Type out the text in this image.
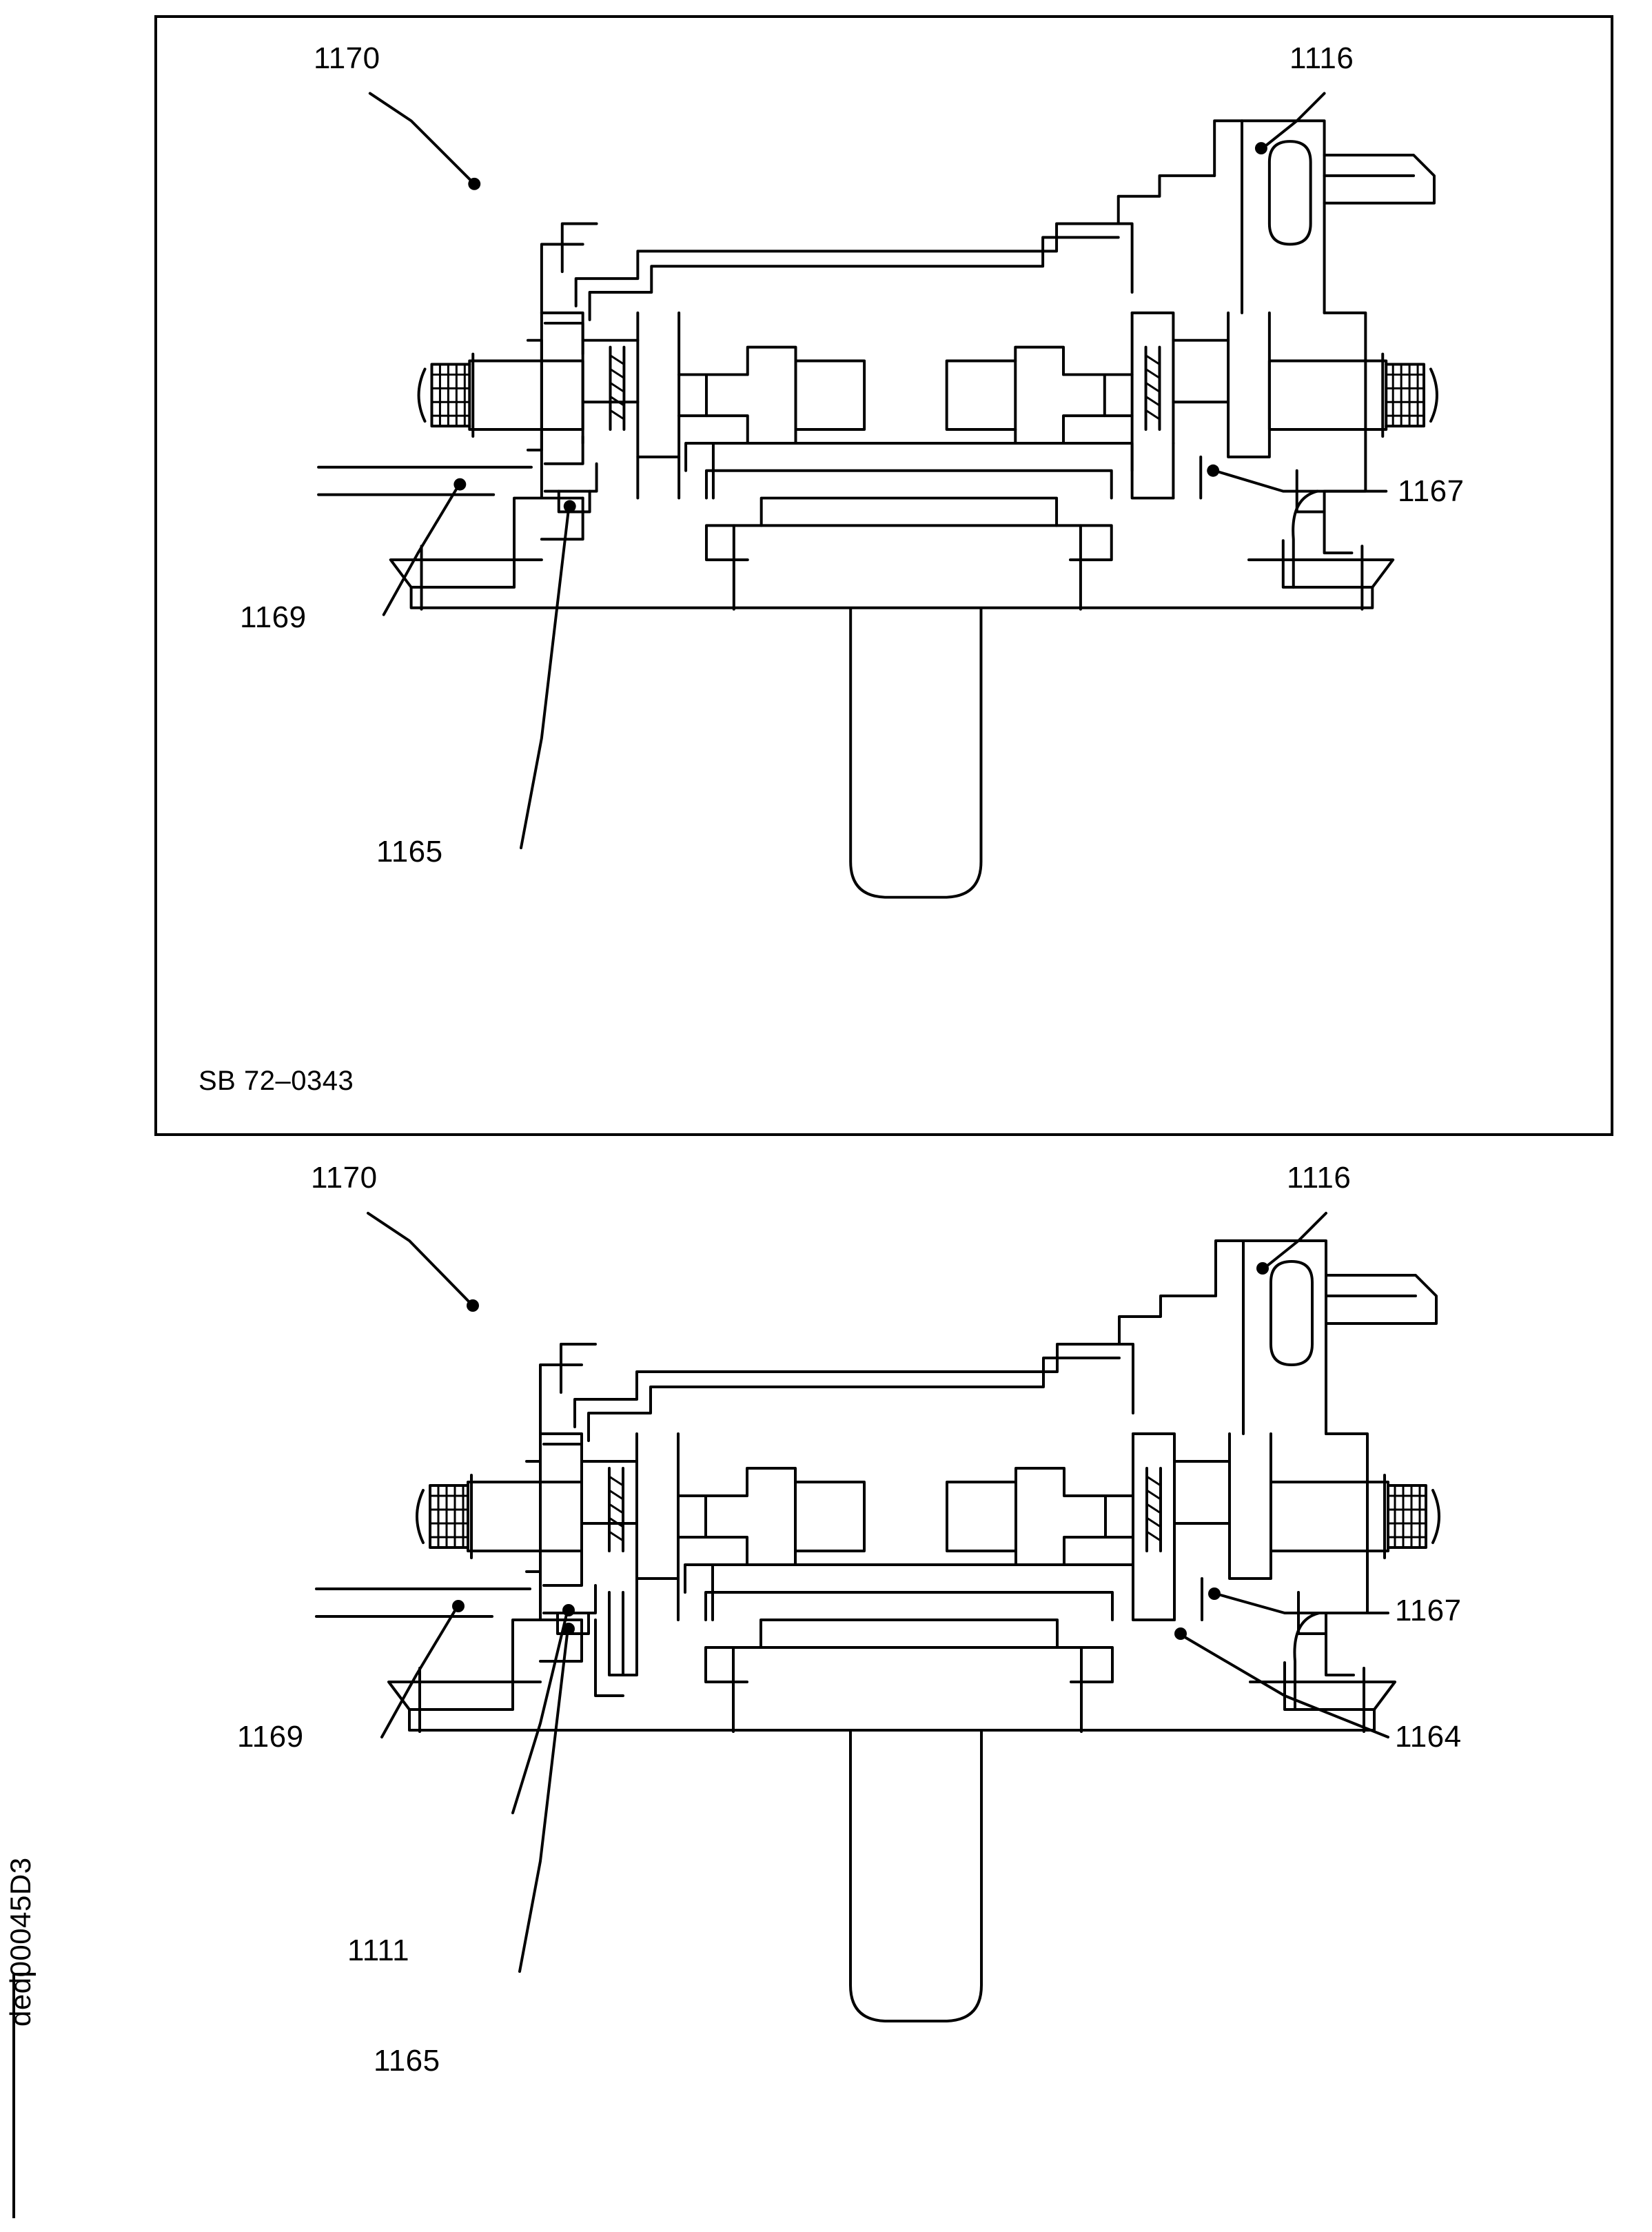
1170	1116
1167
1169
1165
SB 72–0343
1170	1116
1167
1164
1169
1111
1165
ded00045D3
